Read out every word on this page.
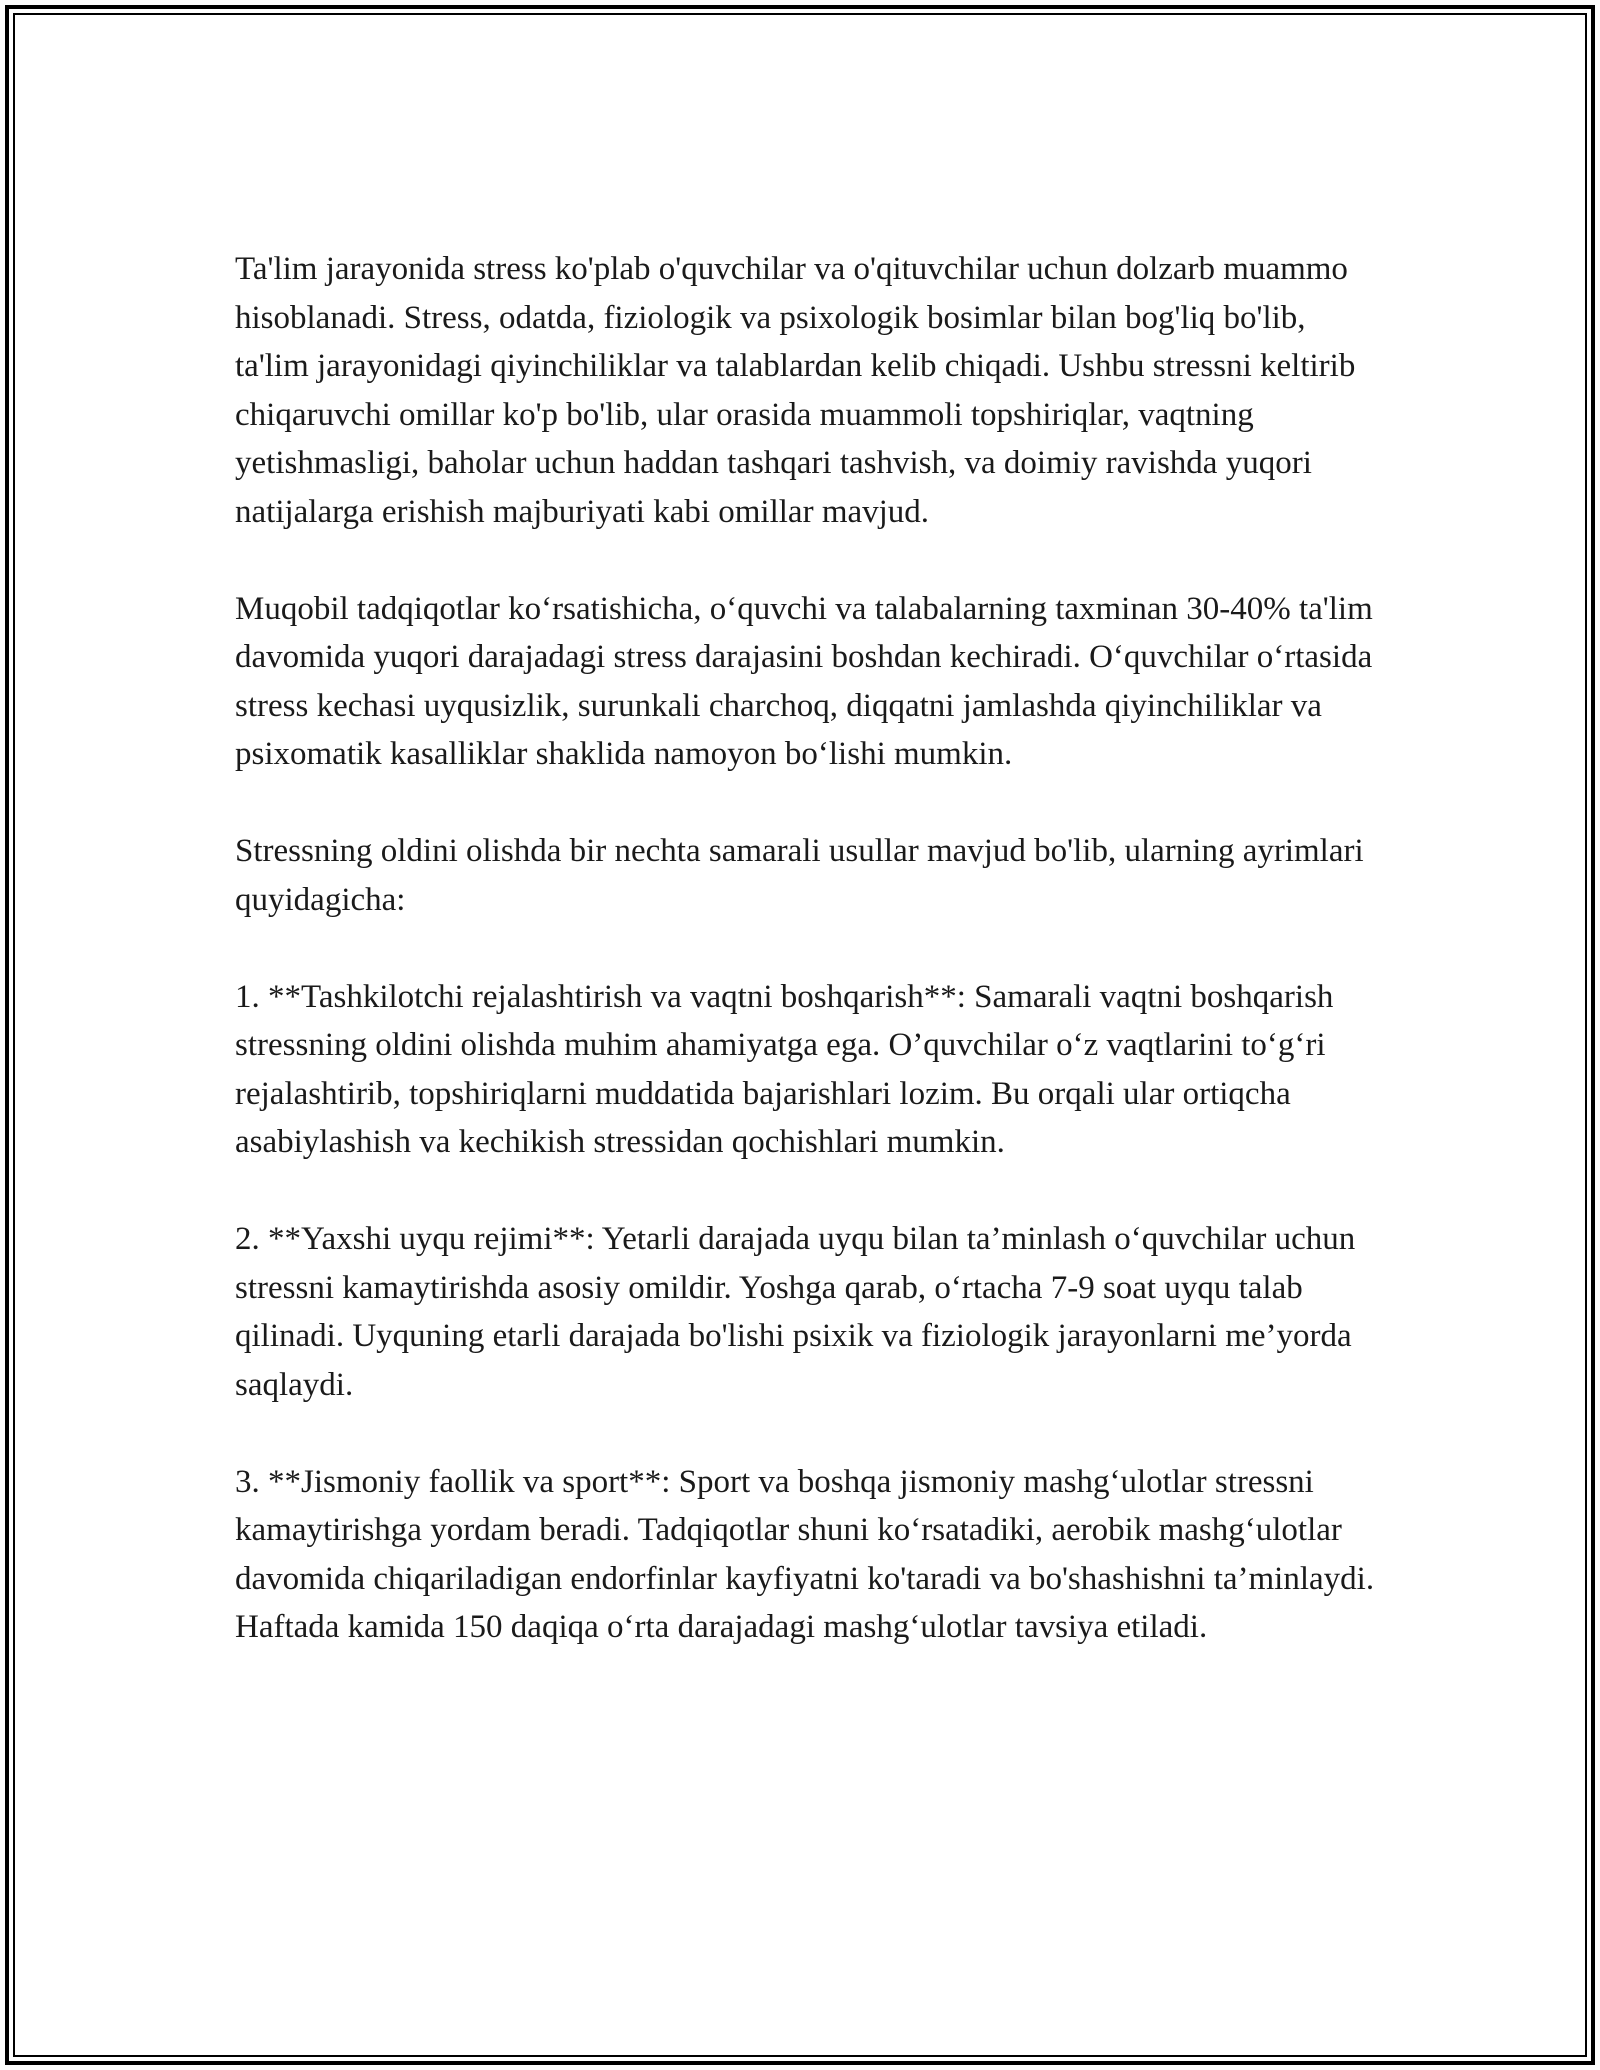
Ta'lim jarayonida stress ko'plab o'quvchilar va o'qituvchilar uchun dolzarb muammo hisoblanadi. Stress, odatda, fiziologik va psixologik bosimlar bilan bog'liq bo'lib, ta'lim jarayonidagi qiyinchiliklar va talablardan kelib chiqadi. Ushbu stressni keltirib chiqaruvchi omillar ko'p bo'lib, ular orasida muammoli topshiriqlar, vaqtning yetishmasligi, baholar uchun haddan tashqari tashvish, va doimiy ravishda yuqori natijalarga erishish majburiyati kabi omillar mavjud.

Muqobil tadqiqotlar koʻrsatishicha, oʻquvchi va talabalarning taxminan 30-40% ta'lim davomida yuqori darajadagi stress darajasini boshdan kechiradi. Oʻquvchilar oʻrtasida stress kechasi uyqusizlik, surunkali charchoq, diqqatni jamlashda qiyinchiliklar va psixomatik kasalliklar shaklida namoyon boʻlishi mumkin.

Stressning oldini olishda bir nechta samarali usullar mavjud bo'lib, ularning ayrimlari quyidagicha:

1. **Tashkilotchi rejalashtirish va vaqtni boshqarish**: Samarali vaqtni boshqarish stressning oldini olishda muhim ahamiyatga ega. O’quvchilar oʻz vaqtlarini toʻgʻri rejalashtirib, topshiriqlarni muddatida bajarishlari lozim. Bu orqali ular ortiqcha asabiylashish va kechikish stressidan qochishlari mumkin.

2. **Yaxshi uyqu rejimi**: Yetarli darajada uyqu bilan ta’minlash oʻquvchilar uchun stressni kamaytirishda asosiy omildir. Yoshga qarab, oʻrtacha 7-9 soat uyqu talab qilinadi. Uyquning etarli darajada bo'lishi psixik va fiziologik jarayonlarni me’yorda saqlaydi.

3. **Jismoniy faollik va sport**: Sport va boshqa jismoniy mashgʻulotlar stressni kamaytirishga yordam beradi. Tadqiqotlar shuni koʻrsatadiki, aerobik mashgʻulotlar davomida chiqariladigan endorfinlar kayfiyatni ko'taradi va bo'shashishni ta’minlaydi. Haftada kamida 150 daqiqa oʻrta darajadagi mashgʻulotlar tavsiya etiladi.
